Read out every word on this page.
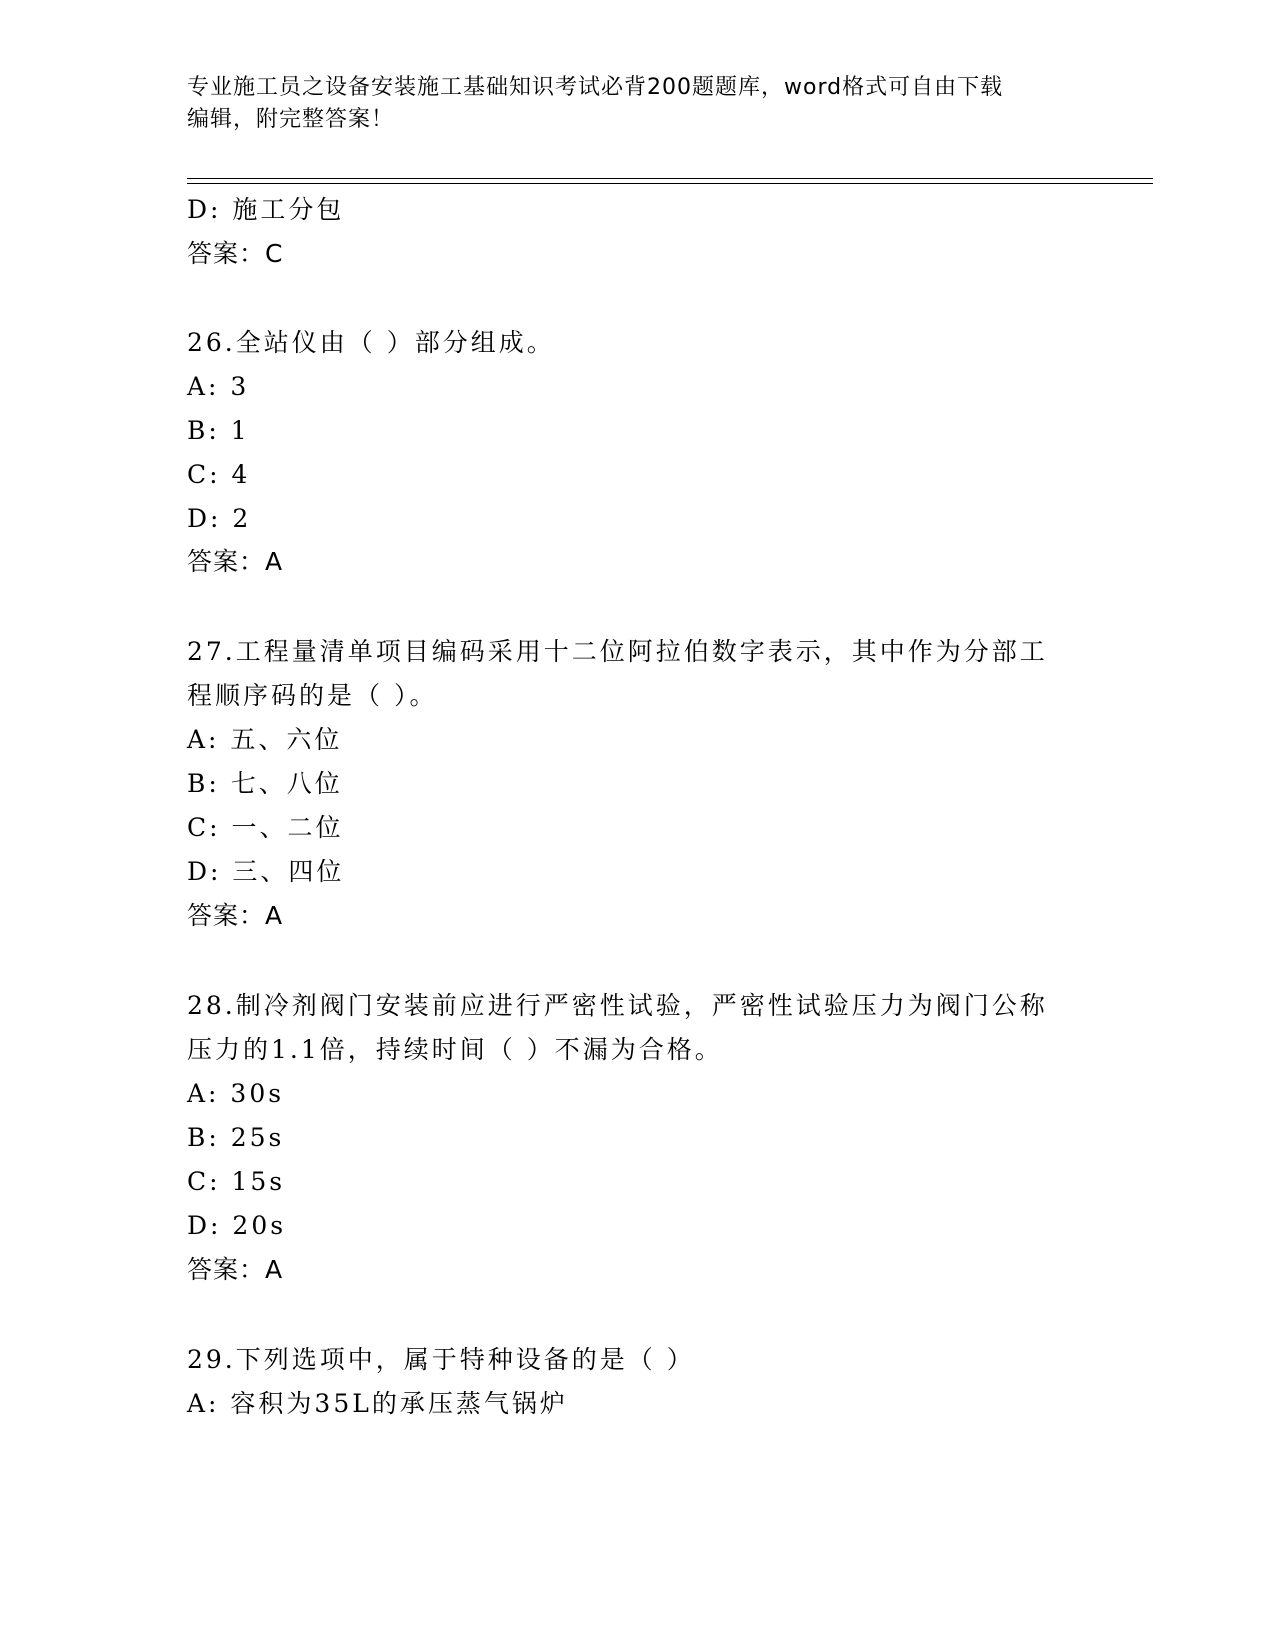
专业施工员之设备安装施工基础知识考试必背200题题库，word格式可自由下载
编辑，附完整答案！
D: 施工分包
答案：C
26.全站仪由（ ）部分组成。
A: 3
B: 1
C: 4
D: 2
答案：A
27.工程量清单项目编码采用十二位阿拉伯数字表示，其中作为分部工
程顺序码的是（ ）。
A: 五、六位
B: 七、八位
C: 一、二位
D: 三、四位
答案：A
28.制冷剂阀门安装前应进行严密性试验，严密性试验压力为阀门公称
压力的1.1倍，持续时间（ ）不漏为合格。
A: 30s
B: 25s
C: 15s
D: 20s
答案：A
29.下列选项中，属于特种设备的是（ ）
A: 容积为35L的承压蒸气锅炉
